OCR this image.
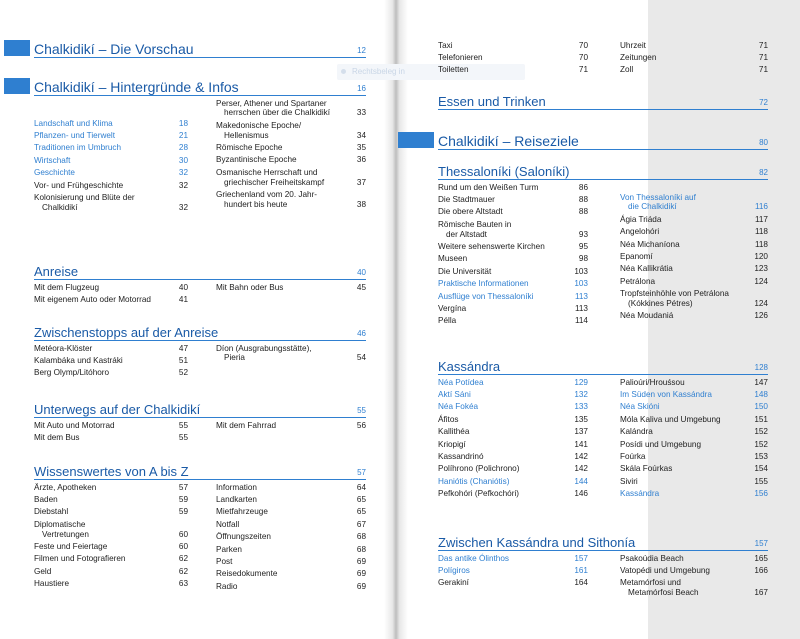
Rechtsbeleg in
Chalkidikí – Die Vorschau	12
Chalkidikí – Hintergründe & Infos	16
Landschaft und Klima	18
Pflanzen- und Tierwelt	21
Traditionen im Umbruch	28
Wirtschaft	30
Geschichte	32
Vor- und Frühgeschichte	32
Kolonisierung und Blüte der
Chalkidikí	32
Perser, Athener und Spartaner
herrschen über die Chalkidikí	33
Makedonische Epoche/
Hellenismus	34
Römische Epoche	35
Byzantinische Epoche	36
Osmanische Herrschaft und
griechischer Freiheitskampf	37
Griechenland vom 20. Jahr-
hundert bis heute	38
Anreise	40
Mit dem Flugzeug	40
Mit eigenem Auto oder Motorrad	41
Mit Bahn oder Bus	45
Zwischenstopps auf der Anreise	46
Metéora-Klöster	47
Kalambáka und Kastráki	51
Berg Olymp/Litóhoro	52
Díon (Ausgrabungsstätte),
Pieria	54
Unterwegs auf der Chalkidikí	55
Mit Auto und Motorrad	55
Mit dem Bus	55
Mit dem Fahrrad	56
Wissenswertes von A bis Z	57
Ärzte, Apotheken	57
Baden	59
Diebstahl	59
Diplomatische
Vertretungen	60
Feste und Feiertage	60
Filmen und Fotografieren	62
Geld	62
Haustiere	63
Information	64
Landkarten	65
Mietfahrzeuge	65
Notfall	67
Öffnungszeiten	68
Parken	68
Post	69
Reisedokumente	69
Radio	69
Taxi	70
Telefonieren	70
Toiletten	71
Uhrzeit	71
Zeitungen	71
Zoll	71
Essen und Trinken	72
Chalkidikí – Reiseziele	80
Thessaloníki (Saloníki)	82
Rund um den Weißen Turm	86
Die Stadtmauer	88
Die obere Altstadt	88
Römische Bauten in
der Altstadt	93
Weitere sehenswerte Kirchen	95
Museen	98
Die Universität	103
Praktische Informationen	103
Ausflüge von Thessaloníki	113
Vergína	113
Pélla	114
Von Thessaloníki auf
die Chalkidikí	116
Ágia Triáda	117
Angelohóri	118
Néa Michaníona	118
Epanomí	120
Néa Kallikrátia	123
Petrálona	124
Tropfsteinhöhle von Petrálona
(Kókkines Pétres)	124
Néa Moudaniá	126
Kassándra	128
Néa Potídea	129
Aktí Sáni	132
Néa Fokéa	133
Áfitos	135
Kallithéa	137
Kriopigí	141
Kassandrinó	142
Políhrono (Polichrono)	142
Haniótis (Chaniótis)	144
Pefkohóri (Pefkochóri)	146
Palioúri/Hrouśsou	147
Im Süden von Kassándra	148
Néa Skióni	150
Móla Kaliva und Umgebung	151
Kalándra	152
Posídi und Umgebung	152
Foúrka	153
Skála Foúrkas	154
Siviri	155
Kassándra	156
Zwischen Kassándra und Sithonía	157
Das antike Ólinthos	157
Polígiros	161
Gerakiní	164
Psakoúdia Beach	165
Vatopédi und Umgebung	166
Metamórfosi und
Metamórfosi Beach	167
